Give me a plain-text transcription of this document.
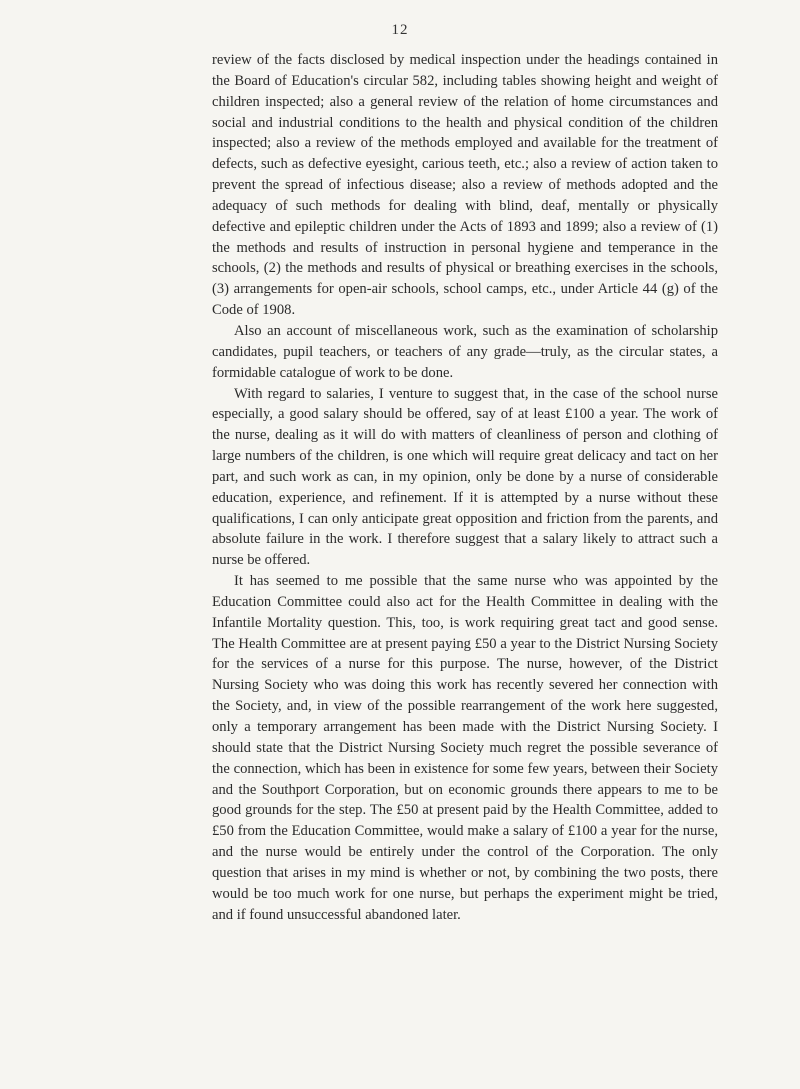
12

review of the facts disclosed by medical inspection under the headings contained in the Board of Education's circular 582, including tables showing height and weight of children inspected; also a general review of the relation of home circumstances and social and industrial conditions to the health and physical condition of the children inspected; also a review of the methods employed and available for the treatment of defects, such as defective eyesight, carious teeth, etc.; also a review of action taken to prevent the spread of infectious disease; also a review of methods adopted and the adequacy of such methods for dealing with blind, deaf, mentally or physically defective and epileptic children under the Acts of 1893 and 1899; also a review of (1) the methods and results of instruction in personal hygiene and temperance in the schools, (2) the methods and results of physical or breathing exercises in the schools, (3) arrangements for open-air schools, school camps, etc., under Article 44 (g) of the Code of 1908.

Also an account of miscellaneous work, such as the examination of scholarship candidates, pupil teachers, or teachers of any grade—truly, as the circular states, a formidable catalogue of work to be done.

With regard to salaries, I venture to suggest that, in the case of the school nurse especially, a good salary should be offered, say of at least £100 a year. The work of the nurse, dealing as it will do with matters of cleanliness of person and clothing of large numbers of the children, is one which will require great delicacy and tact on her part, and such work as can, in my opinion, only be done by a nurse of considerable education, experience, and refinement. If it is attempted by a nurse without these qualifications, I can only anticipate great opposition and friction from the parents, and absolute failure in the work. I therefore suggest that a salary likely to attract such a nurse be offered.

It has seemed to me possible that the same nurse who was appointed by the Education Committee could also act for the Health Committee in dealing with the Infantile Mortality question. This, too, is work requiring great tact and good sense. The Health Committee are at present paying £50 a year to the District Nursing Society for the services of a nurse for this purpose. The nurse, however, of the District Nursing Society who was doing this work has recently severed her connection with the Society, and, in view of the possible rearrangement of the work here suggested, only a temporary arrangement has been made with the District Nursing Society. I should state that the District Nursing Society much regret the possible severance of the connection, which has been in existence for some few years, between their Society and the Southport Corporation, but on economic grounds there appears to me to be good grounds for the step. The £50 at present paid by the Health Committee, added to £50 from the Education Committee, would make a salary of £100 a year for the nurse, and the nurse would be entirely under the control of the Corporation. The only question that arises in my mind is whether or not, by combining the two posts, there would be too much work for one nurse, but perhaps the experiment might be tried, and if found unsuccessful abandoned later.
